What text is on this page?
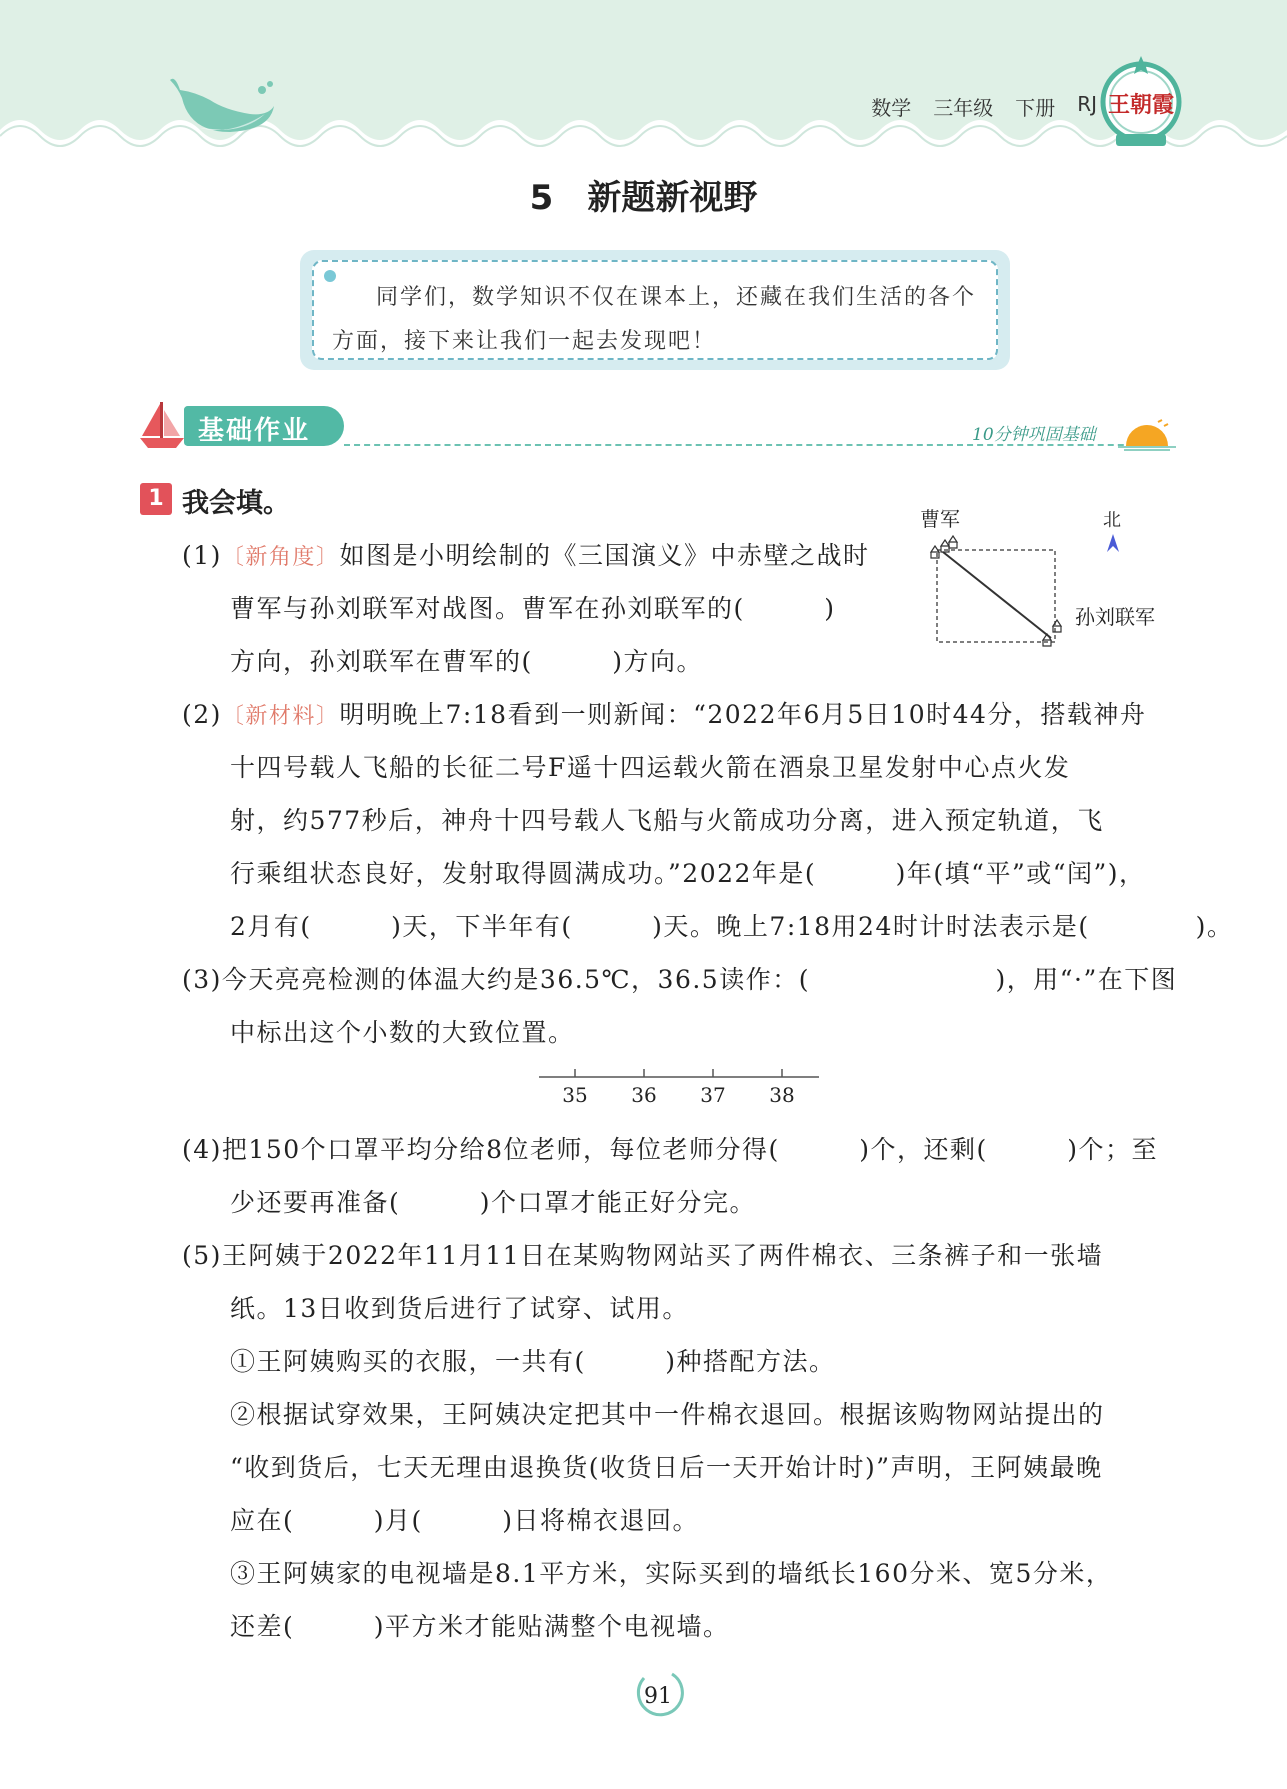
数学 三年级 下册 RJ 王朝霞
5 新题新视野
同学们，数学知识不仅在课本上，还藏在我们生活的各个方面，接下来让我们一起去发现吧！
基础作业	10分钟巩固基础
1 我会填。	曹军	北
孙刘联军
(1)〔新角度〕如图是小明绘制的《三国演义》中赤壁之战时
曹军与孙刘联军对战图。曹军在孙刘联军的(　　　)
方向，孙刘联军在曹军的(　　　)方向。
(2)〔新材料〕明明晚上7:18看到一则新闻：“2022年6月5日10时44分，搭载神舟
十四号载人飞船的长征二号F遥十四运载火箭在酒泉卫星发射中心点火发
射，约577秒后，神舟十四号载人飞船与火箭成功分离，进入预定轨道，飞
行乘组状态良好，发射取得圆满成功。”2022年是(　　　)年(填“平”或“闰”)，
2月有(　　　)天，下半年有(　　　)天。晚上7:18用24时计时法表示是(　　　　)。
(3)今天亮亮检测的体温大约是36.5℃，36.5读作：(　　　　　　　)，用“·”在下图
中标出这个小数的大致位置。
35 36 37 38
(4)把150个口罩平均分给8位老师，每位老师分得(　　　)个，还剩(　　　)个；至
少还要再准备(　　　)个口罩才能正好分完。
(5)王阿姨于2022年11月11日在某购物网站买了两件棉衣、三条裤子和一张墙
纸。13日收到货后进行了试穿、试用。
①王阿姨购买的衣服，一共有(　　　)种搭配方法。
②根据试穿效果，王阿姨决定把其中一件棉衣退回。根据该购物网站提出的
“收到货后，七天无理由退换货(收货日后一天开始计时)”声明，王阿姨最晚
应在(　　　)月(　　　)日将棉衣退回。
③王阿姨家的电视墙是8.1平方米，实际买到的墙纸长160分米、宽5分米，
还差(　　　)平方米才能贴满整个电视墙。
91
